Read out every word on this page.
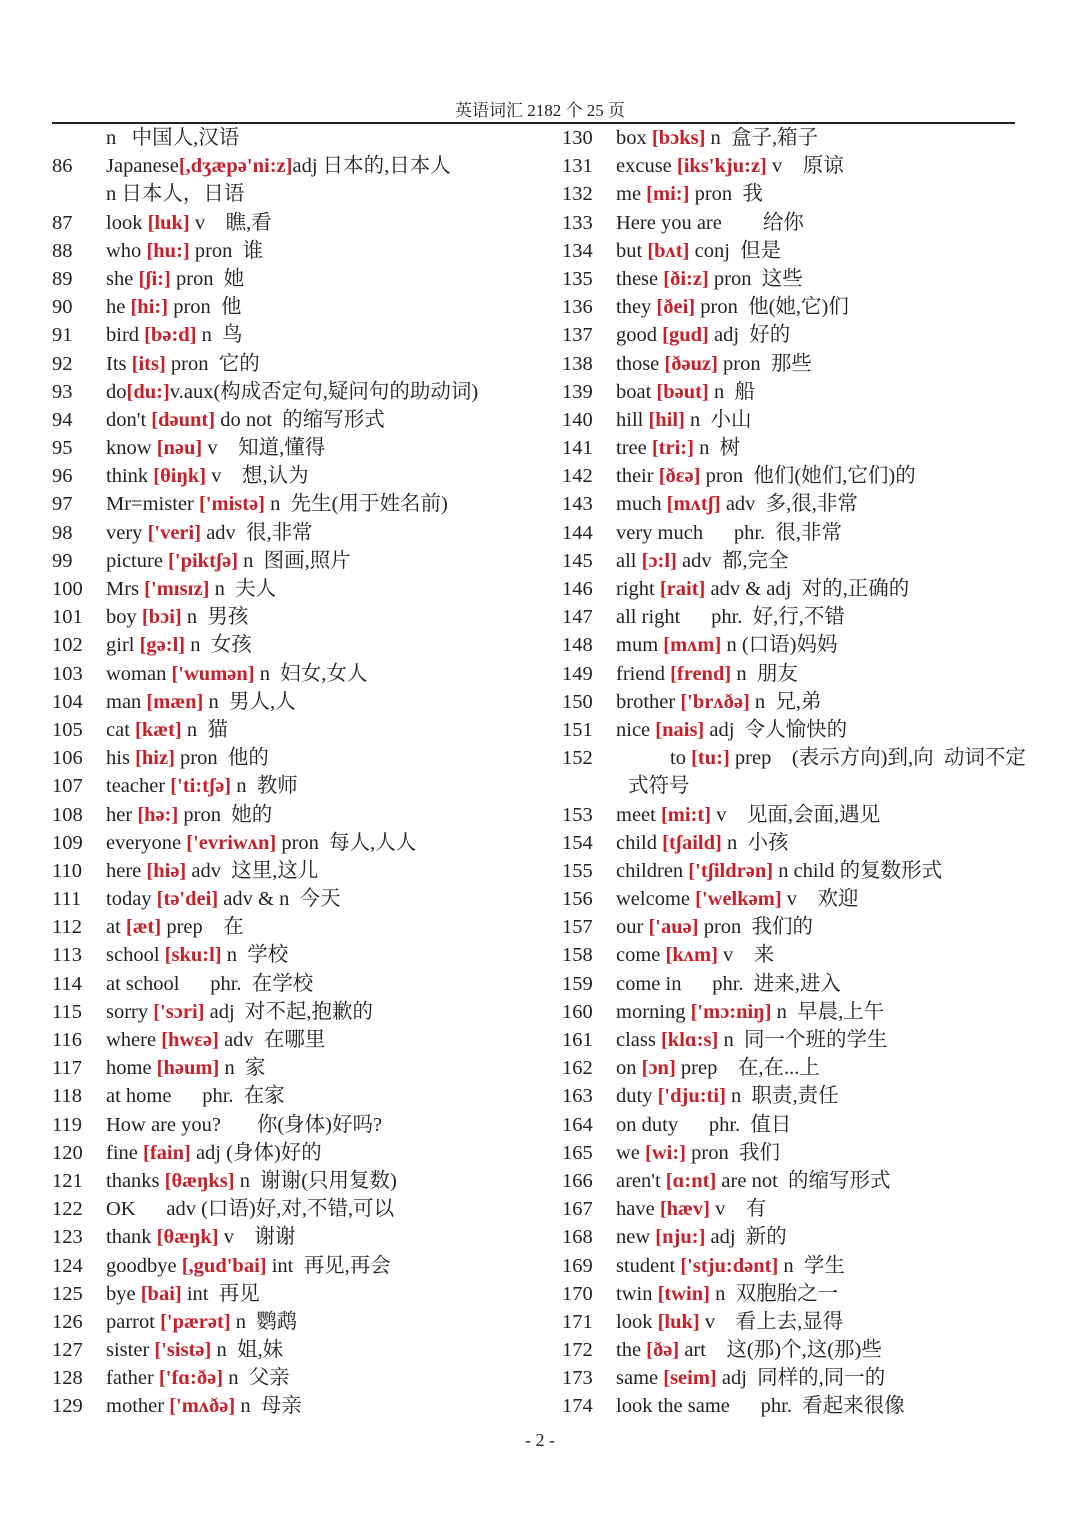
英语词汇 2182 个 25 页
n   中国人,汉语
86	Japanese[,dʒæpə'ni:z]adj 日本的,日本人
n 日本人，日语
87	look [luk] v    瞧,看
88	who [hu:] pron  谁
89	she [ʃi:] pron  她
90	he [hi:] pron  他
91	bird [bə:d] n  鸟
92	Its [its] pron  它的
93	do[du:]v.aux(构成否定句,疑问句的助动词)
94	don't [dəunt] do not  的缩写形式
95	know [nəu] v    知道,懂得
96	think [θiŋk] v    想,认为
97	Mr=mister ['mistə] n  先生(用于姓名前)
98	very ['veri] adv  很,非常
99	picture ['piktʃə] n  图画,照片
100	Mrs ['mɪsɪz] n  夫人
101	boy [bɔi] n  男孩
102	girl [gə:l] n  女孩
103	woman ['wumən] n  妇女,女人
104	man [mæn] n  男人,人
105	cat [kæt] n  猫
106	his [hiz] pron  他的
107	teacher ['ti:tʃə] n  教师
108	her [hə:] pron  她的
109	everyone ['evriwʌn] pron  每人,人人
110	here [hiə] adv  这里,这儿
111	today [tə'dei] adv & n  今天
112	at [æt] prep    在
113	school [sku:l] n  学校
114	at school      phr.  在学校
115	sorry ['sɔri] adj  对不起,抱歉的
116	where [hwεə] adv  在哪里
117	home [həum] n  家
118	at home      phr.  在家
119	How are you?       你(身体)好吗?
120	fine [fain] adj (身体)好的
121	thanks [θæŋks] n  谢谢(只用复数)
122	OK      adv (口语)好,对,不错,可以
123	thank [θæŋk] v    谢谢
124	goodbye [,gud'bai] int  再见,再会
125	bye [bai] int  再见
126	parrot ['pærət] n  鹦鹉
127	sister ['sistə] n  姐,妹
128	father ['fɑ:ðə] n  父亲
129	mother ['mʌðə] n  母亲
130	box [bɔks] n  盒子,箱子
131	excuse [iks'kju:z] v    原谅
132	me [mi:] pron  我
133	Here you are        给你
134	but [bʌt] conj  但是
135	these [ði:z] pron  这些
136	they [ðei] pron  他(她,它)们
137	good [gud] adj  好的
138	those [ðəuz] pron  那些
139	boat [bəut] n  船
140	hill [hil] n  小山
141	tree [tri:] n  树
142	their [ðεə] pron  他们(她们,它们)的
143	much [mʌtʃ] adv  多,很,非常
144	very much      phr.  很,非常
145	all [ɔ:l] adv  都,完全
146	right [rait] adv & adj  对的,正确的
147	all right      phr.  好,行,不错
148	mum [mʌm] n (口语)妈妈
149	friend [frend] n  朋友
150	brother ['brʌðə] n  兄,弟
151	nice [nais] adj  令人愉快的
152	to [tu:] prep    (表示方向)到,向  动词不定
式符号
153	meet [mi:t] v    见面,会面,遇见
154	child [tʃaild] n  小孩
155	children ['tʃildrən] n child 的复数形式
156	welcome ['welkəm] v    欢迎
157	our ['auə] pron  我们的
158	come [kʌm] v    来
159	come in      phr.  进来,进入
160	morning ['mɔ:niŋ] n  早晨,上午
161	class [klɑ:s] n  同一个班的学生
162	on [ɔn] prep    在,在...上
163	duty ['dju:ti] n  职责,责任
164	on duty      phr.  值日
165	we [wi:] pron  我们
166	aren't [ɑ:nt] are not  的缩写形式
167	have [hæv] v    有
168	new [nju:] adj  新的
169	student ['stju:dənt] n  学生
170	twin [twin] n  双胞胎之一
171	look [luk] v    看上去,显得
172	the [ðə] art    这(那)个,这(那)些
173	same [seim] adj  同样的,同一的
174	look the same      phr.  看起来很像
- 2 -
